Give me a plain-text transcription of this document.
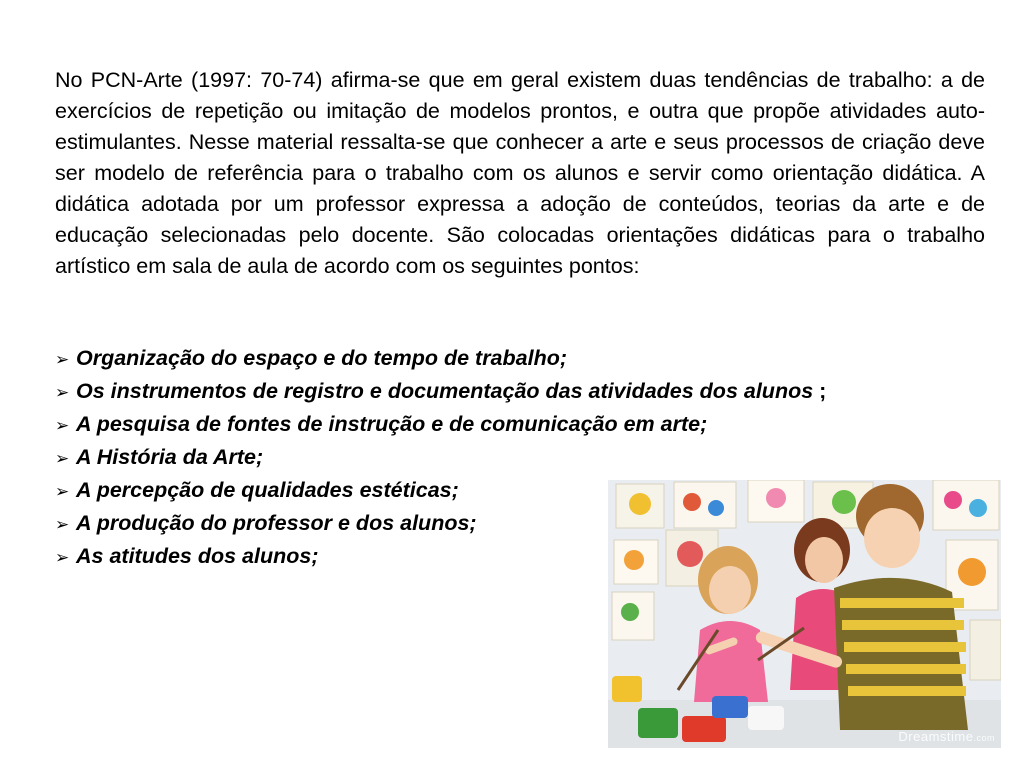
No PCN-Arte (1997: 70-74) afirma-se que em geral existem duas tendências de trabalho: a de exercícios de repetição ou imitação de modelos prontos, e outra que propõe atividades auto-estimulantes. Nesse material ressalta-se que conhecer a arte e seus processos de criação deve ser modelo de referência para o trabalho com os alunos e servir como orientação didática. A didática adotada por um professor expressa a adoção de conteúdos, teorias da arte e de educação selecionadas pelo docente. São colocadas orientações didáticas para o trabalho artístico em sala de aula de acordo com os seguintes pontos:

➢ Organização do espaço e do tempo de trabalho;
➢ Os instrumentos de registro e documentação das atividades dos alunos ;
➢ A pesquisa de fontes de instrução e de comunicação em arte;
➢ A História da Arte;
➢ A percepção de qualidades estéticas;
➢ A produção do professor e dos alunos;
➢ As atitudes dos alunos;
Dreamstime.com
